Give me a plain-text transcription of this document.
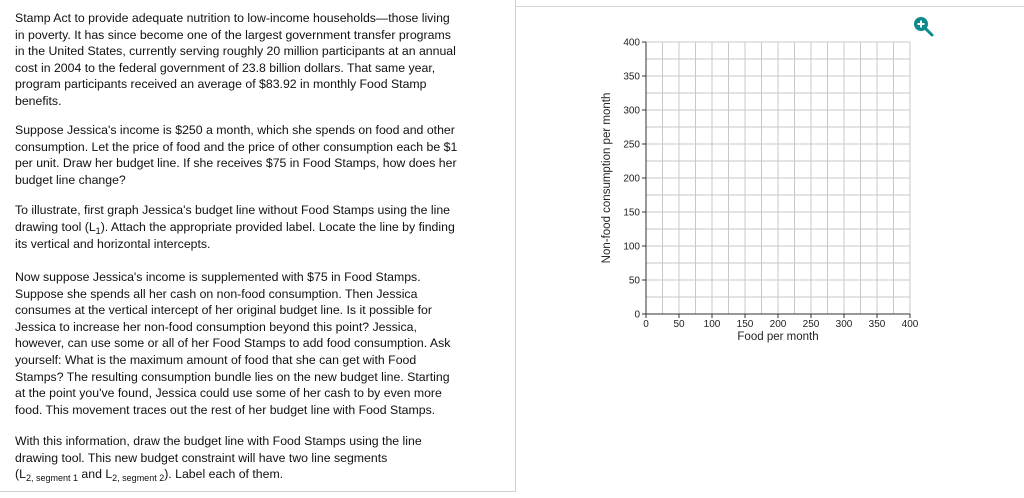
Stamp Act to provide adequate nutrition to low-income households—those living
in poverty. It has since become one of the largest government transfer programs
in the United States, currently serving roughly 20 million participants at an annual
cost in 2004 to the federal government of 23.8 billion dollars. That same year,
program participants received an average of $83.92 in monthly Food Stamp
benefits.

Suppose Jessica's income is $250 a month, which she spends on food and other
consumption. Let the price of food and the price of other consumption each be $1
per unit. Draw her budget line. If she receives $75 in Food Stamps, how does her
budget line change?

To illustrate, first graph Jessica's budget line without Food Stamps using the line
drawing tool $(L_1)$. Attach the appropriate provided label. Locate the line by finding
its vertical and horizontal intercepts.

Now suppose Jessica's income is supplemented with $75 in Food Stamps.
Suppose she spends all her cash on non-food consumption. Then Jessica
consumes at the vertical intercept of her original budget line. Is it possible for
Jessica to increase her non-food consumption beyond this point? Jessica,
however, can use some or all of her Food Stamps to add food consumption. Ask
yourself: What is the maximum amount of food that she can get with Food
Stamps? The resulting consumption bundle lies on the new budget line. Starting
at the point you've found, Jessica could use some of her cash to by even more
food. This movement traces out the rest of her budget line with Food Stamps.

With this information, draw the budget line with Food Stamps using the line
drawing tool. This new budget constraint will have two line segments
($L_{2, segment 1}$ and $L_{2, segment 2}$). Label each of them.

0
50
100
150
200
250
300
350
400
0 50 100 150 200 250 300 350 400
Food per month
Non-food consumption per month
